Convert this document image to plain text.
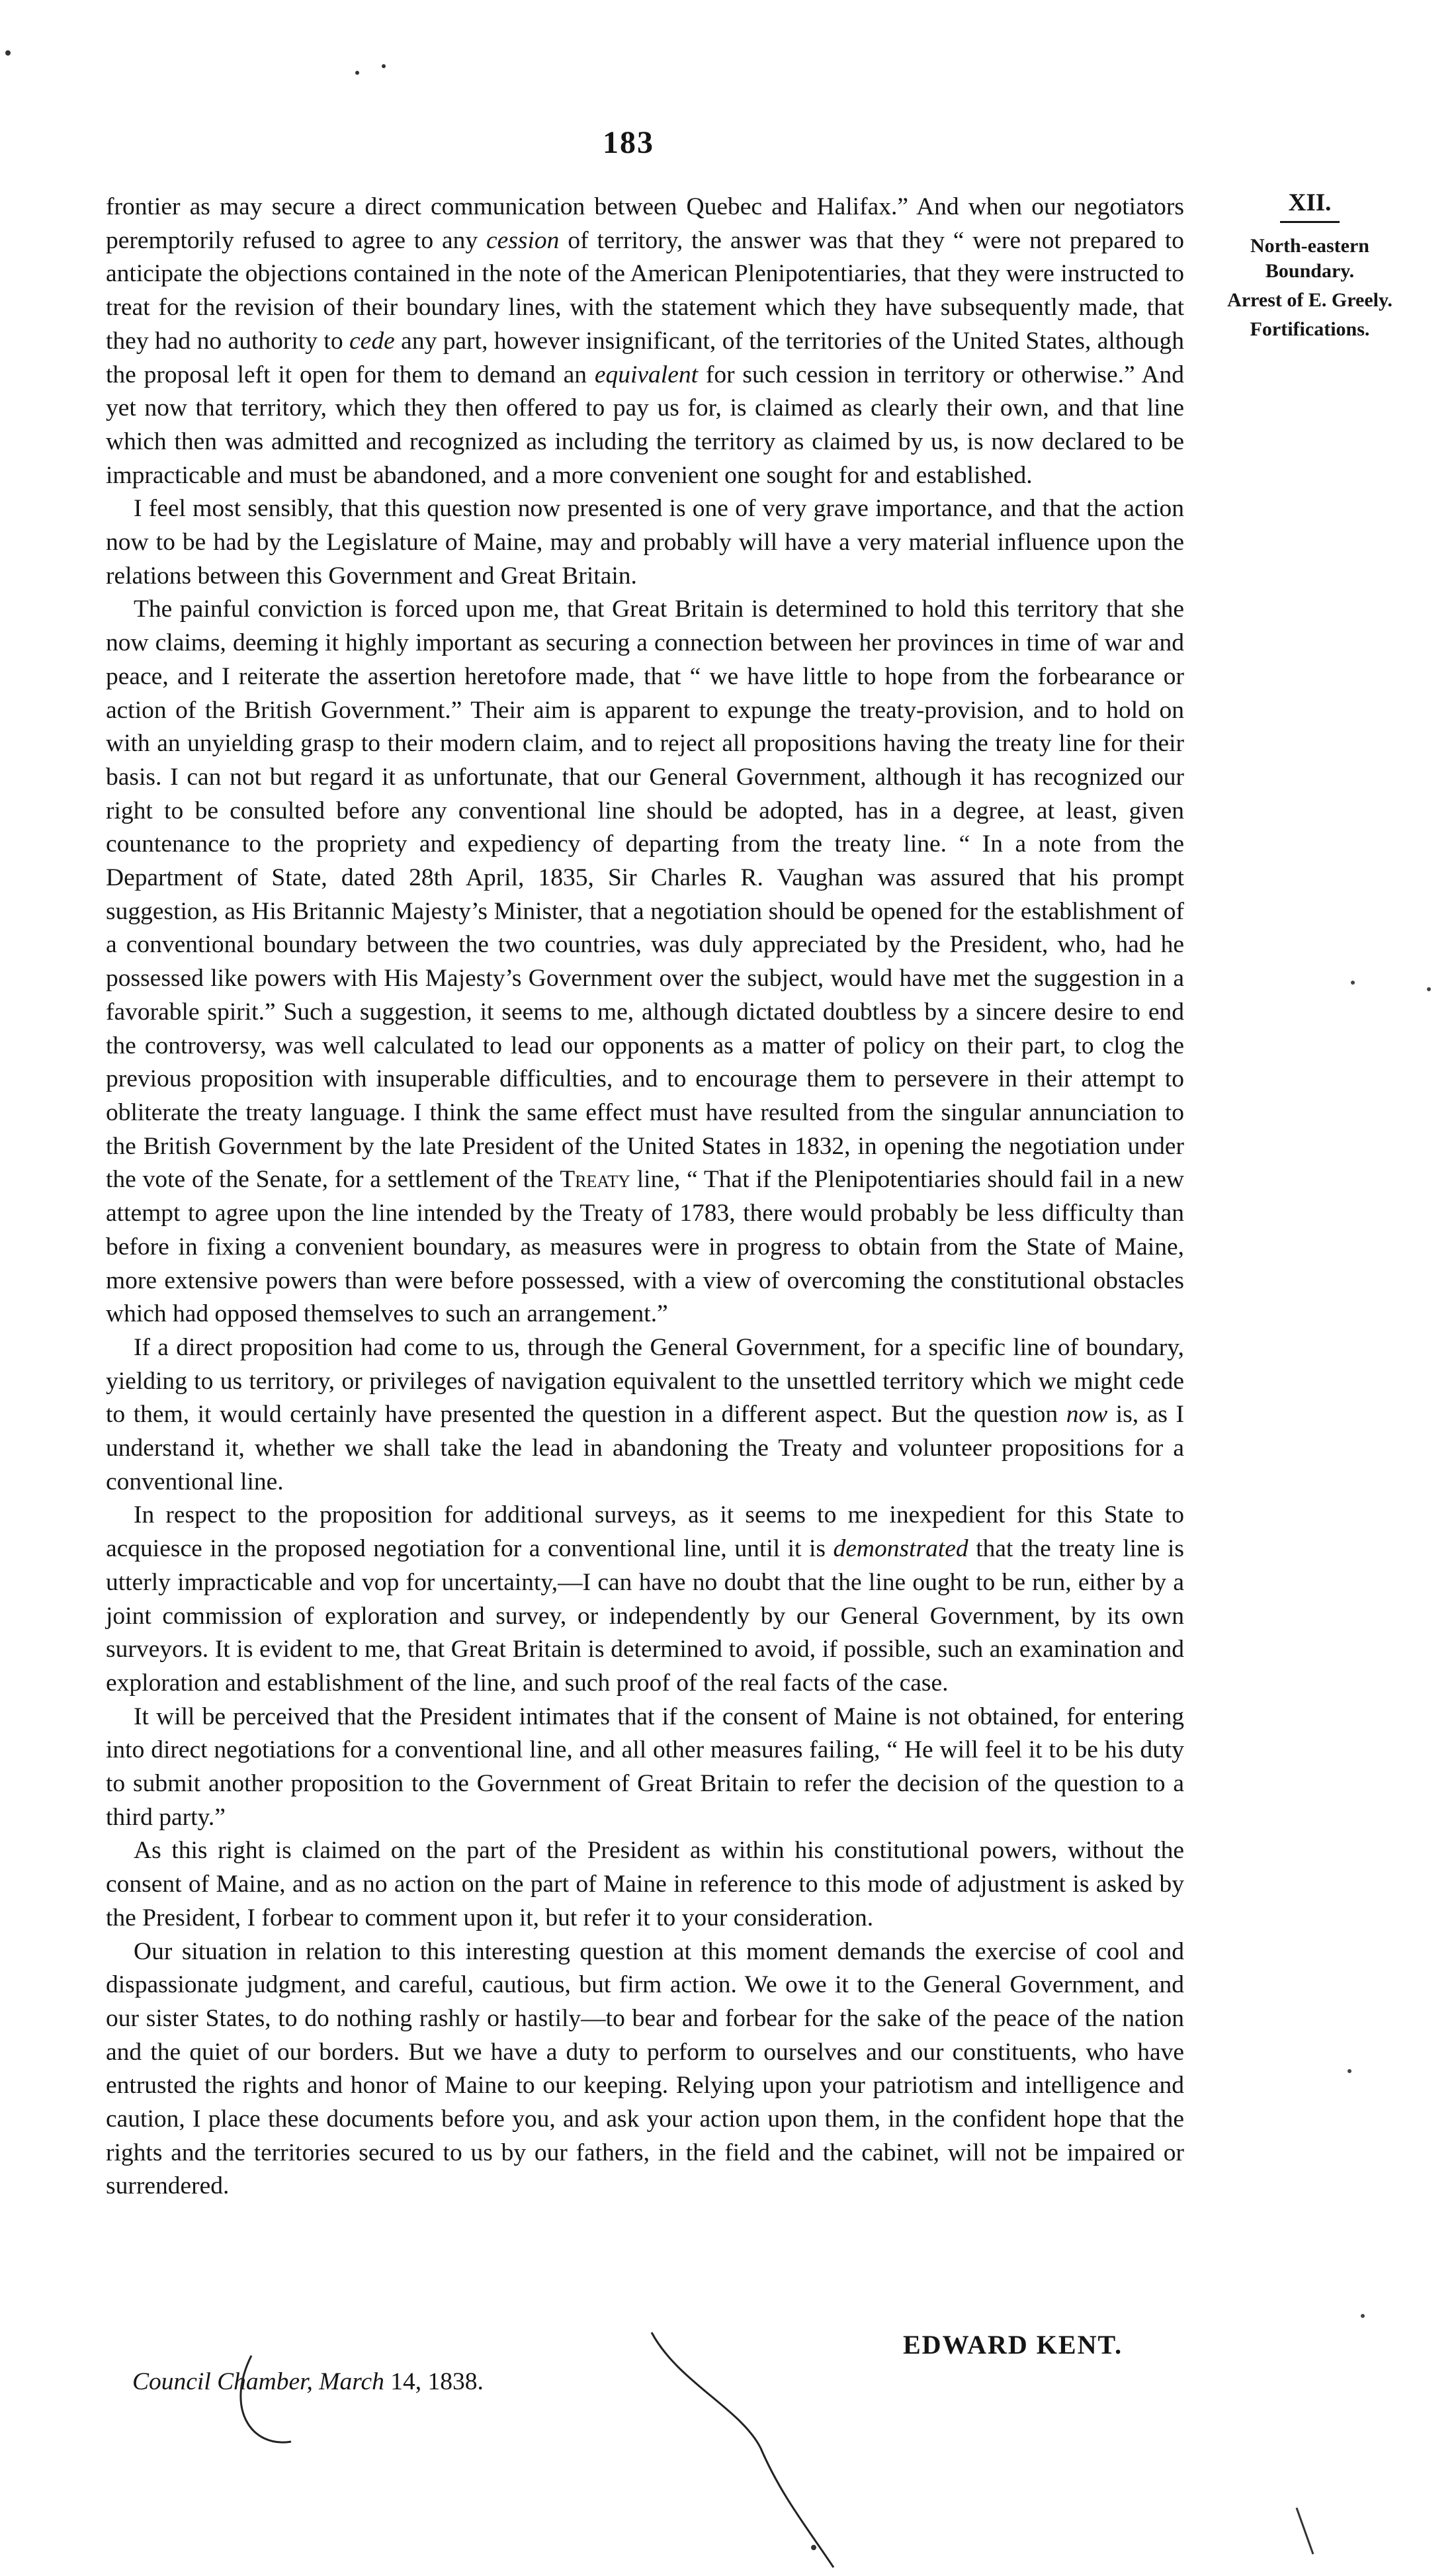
183
XII.
North-eastern Boundary.
Arrest of E. Greely.
Fortifications.

frontier as may secure a direct communication between Quebec and Halifax.” And when our negotiators peremptorily refused to agree to any cession of territory, the answer was that they “ were not prepared to anticipate the objections contained in the note of the American Plenipotentiaries, that they were instructed to treat for the revision of their boundary lines, with the statement which they have subsequently made, that they had no authority to cede any part, however insignificant, of the territories of the United States, although the proposal left it open for them to demand an equivalent for such cession in territory or otherwise.” And yet now that territory, which they then offered to pay us for, is claimed as clearly their own, and that line which then was admitted and recognized as including the territory as claimed by us, is now declared to be impracticable and must be abandoned, and a more convenient one sought for and established.

I feel most sensibly, that this question now presented is one of very grave importance, and that the action now to be had by the Legislature of Maine, may and probably will have a very material influence upon the relations between this Government and Great Britain.

The painful conviction is forced upon me, that Great Britain is determined to hold this territory that she now claims, deeming it highly important as securing a connection between her provinces in time of war and peace, and I reiterate the assertion heretofore made, that “ we have little to hope from the forbearance or action of the British Government.” Their aim is apparent to expunge the treaty-provision, and to hold on with an unyielding grasp to their modern claim, and to reject all propositions having the treaty line for their basis. I can not but regard it as unfortunate, that our General Government, although it has recognized our right to be consulted before any conventional line should be adopted, has in a degree, at least, given countenance to the propriety and expediency of departing from the treaty line. “ In a note from the Department of State, dated 28th April, 1835, Sir Charles R. Vaughan was assured that his prompt suggestion, as His Britannic Majesty’s Minister, that a negotiation should be opened for the establishment of a conventional boundary between the two countries, was duly appreciated by the President, who, had he possessed like powers with His Majesty’s Government over the subject, would have met the suggestion in a favorable spirit.” Such a suggestion, it seems to me, although dictated doubtless by a sincere desire to end the controversy, was well calculated to lead our opponents as a matter of policy on their part, to clog the previous proposition with insuperable difficulties, and to encourage them to persevere in their attempt to obliterate the treaty language. I think the same effect must have resulted from the singular annunciation to the British Government by the late President of the United States in 1832, in opening the negotiation under the vote of the Senate, for a settlement of the Treaty line, “ That if the Plenipotentiaries should fail in a new attempt to agree upon the line intended by the Treaty of 1783, there would probably be less difficulty than before in fixing a convenient boundary, as measures were in progress to obtain from the State of Maine, more extensive powers than were before possessed, with a view of overcoming the constitutional obstacles which had opposed themselves to such an arrangement.”

If a direct proposition had come to us, through the General Government, for a specific line of boundary, yielding to us territory, or privileges of navigation equivalent to the unsettled territory which we might cede to them, it would certainly have presented the question in a different aspect. But the question now is, as I understand it, whether we shall take the lead in abandoning the Treaty and volunteer propositions for a conventional line.

In respect to the proposition for additional surveys, as it seems to me inexpedient for this State to acquiesce in the proposed negotiation for a conventional line, until it is demonstrated that the treaty line is utterly impracticable and vop for uncertainty,—I can have no doubt that the line ought to be run, either by a joint commission of exploration and survey, or independently by our General Government, by its own surveyors. It is evident to me, that Great Britain is determined to avoid, if possible, such an examination and exploration and establishment of the line, and such proof of the real facts of the case.

It will be perceived that the President intimates that if the consent of Maine is not obtained, for entering into direct negotiations for a conventional line, and all other measures failing, “ He will feel it to be his duty to submit another proposition to the Government of Great Britain to refer the decision of the question to a third party.”

As this right is claimed on the part of the President as within his constitutional powers, without the consent of Maine, and as no action on the part of Maine in reference to this mode of adjustment is asked by the President, I forbear to comment upon it, but refer it to your consideration.

Our situation in relation to this interesting question at this moment demands the exercise of cool and dispassionate judgment, and careful, cautious, but firm action. We owe it to the General Government, and our sister States, to do nothing rashly or hastily—to bear and forbear for the sake of the peace of the nation and the quiet of our borders. But we have a duty to perform to ourselves and our constituents, who have entrusted the rights and honor of Maine to our keeping. Relying upon your patriotism and intelligence and caution, I place these documents before you, and ask your action upon them, in the confident hope that the rights and the territories secured to us by our fathers, in the field and the cabinet, will not be impaired or surrendered.

EDWARD KENT.
Council Chamber, March 14, 1838.
